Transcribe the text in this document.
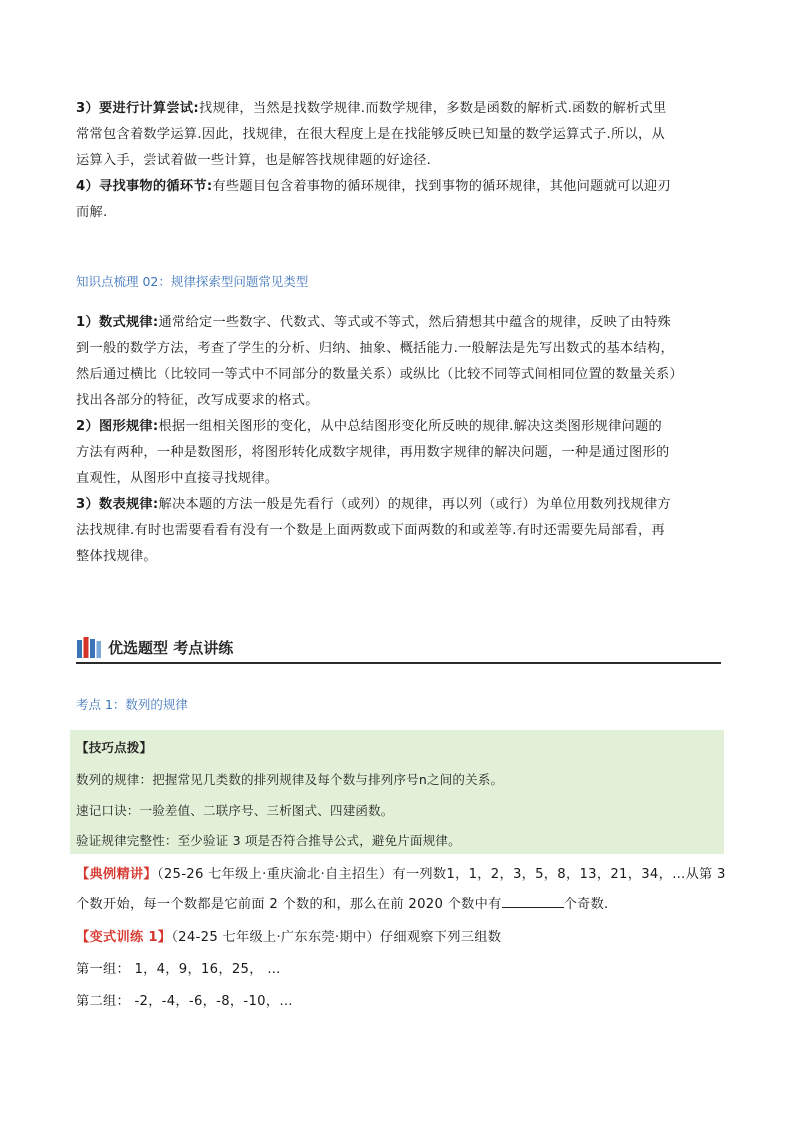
3）要进行计算尝试:找规律，当然是找数学规律.而数学规律，多数是函数的解析式.函数的解析式里

常常包含着数学运算.因此，找规律，在很大程度上是在找能够反映已知量的数学运算式子.所以，从

运算入手，尝试着做一些计算，也是解答找规律题的好途径.

4）寻找事物的循环节:有些题目包含着事物的循环规律，找到事物的循环规律，其他问题就可以迎刃

而解.

知识点梳理 02：规律探索型问题常见类型

1）数式规律:通常给定一些数字、代数式、等式或不等式，然后猜想其中蕴含的规律，反映了由特殊

到一般的数学方法，考查了学生的分析、归纳、抽象、概括能力.一般解法是先写出数式的基本结构，

然后通过横比（比较同一等式中不同部分的数量关系）或纵比（比较不同等式间相同位置的数量关系）

找出各部分的特征，改写成要求的格式。

2）图形规律:根据一组相关图形的变化，从中总结图形变化所反映的规律.解决这类图形规律问题的

方法有两种，一种是数图形，将图形转化成数字规律，再用数字规律的解决问题，一种是通过图形的

直观性，从图形中直接寻找规律。

3）数表规律:解决本题的方法一般是先看行（或列）的规律，再以列（或行）为单位用数列找规律方

法找规律.有时也需要看看有没有一个数是上面两数或下面两数的和或差等.有时还需要先局部看，再

整体找规律。

优选题型 考点讲练

考点 1：数列的规律

【技巧点拨】

数列的规律：把握常见几类数的排列规律及每个数与排列序号n之间的关系。

速记口诀：一验差值、二联序号、三析图式、四建函数。

验证规律完整性：至少验证 3 项是否符合推导公式，避免片面规律。

【典例精讲】（25-26 七年级上·重庆渝北·自主招生）有一列数1，1，2，3，5，8，13，21，34，…从第 3

个数开始，每一个数都是它前面 2 个数的和，那么在前 2020 个数中有	个奇数.

【变式训练 1】（24-25 七年级上·广东东莞·期中）仔细观察下列三组数

第一组： 1，4，9，16，25， …

第二组： -2，-4，-6，-8，-10，…
